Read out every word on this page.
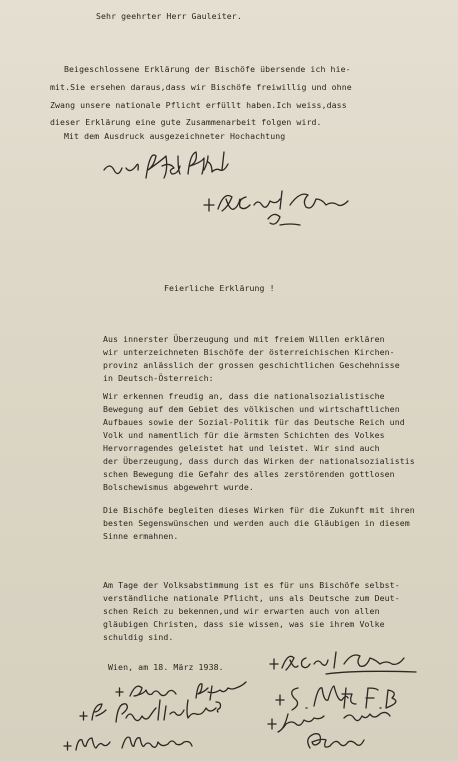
Sehr geehrter Herr Gauleiter.
Beigeschlossene Erklärung der Bischöfe übersende ich hie-
mit.Sie ersehen daraus,dass wir Bischöfe freiwillig und ohne
Zwang unsere nationale Pflicht erfüllt haben.Ich weiss,dass
dieser Erklärung eine gute Zusammenarbeit folgen wird.
Mit dem Ausdruck ausgezeichneter Hochachtung
Feierliche Erklärung !
Aus innerster Überzeugung und mit freiem Willen erklären
wir unterzeichneten Bischöfe der österreichischen Kirchen-
provinz anlässlich der grossen geschichtlichen Geschehnisse
in Deutsch-Österreich:
Wir erkennen freudig an, dass die nationalsozialistische
Bewegung auf dem Gebiet des völkischen und wirtschaftlichen
Aufbaues sowie der Sozial-Politik für das Deutsche Reich und
Volk und namentlich für die ärmsten Schichten des Volkes
Hervorragendes geleistet hat und leistet. Wir sind auch
der Überzeugung, dass durch das Wirken der nationalsozialistis
schen Bewegung die Gefahr des alles zerstörenden gottlosen
Bolschewismus abgewehrt wurde.
Die Bischöfe begleiten dieses Wirken für die Zukunft mit ihren
besten Segenswünschen und werden auch die Gläubigen in diesem
Sinne ermahnen.
Am Tage der Volksabstimmung ist es für uns Bischöfe selbst-
verständliche nationale Pflicht, uns als Deutsche zum Deut-
schen Reich zu bekennen,und wir erwarten auch von allen
gläubigen Christen, dass sie wissen, was sie ihrem Volke
schuldig sind.
Wien, am 18. März 1938.
